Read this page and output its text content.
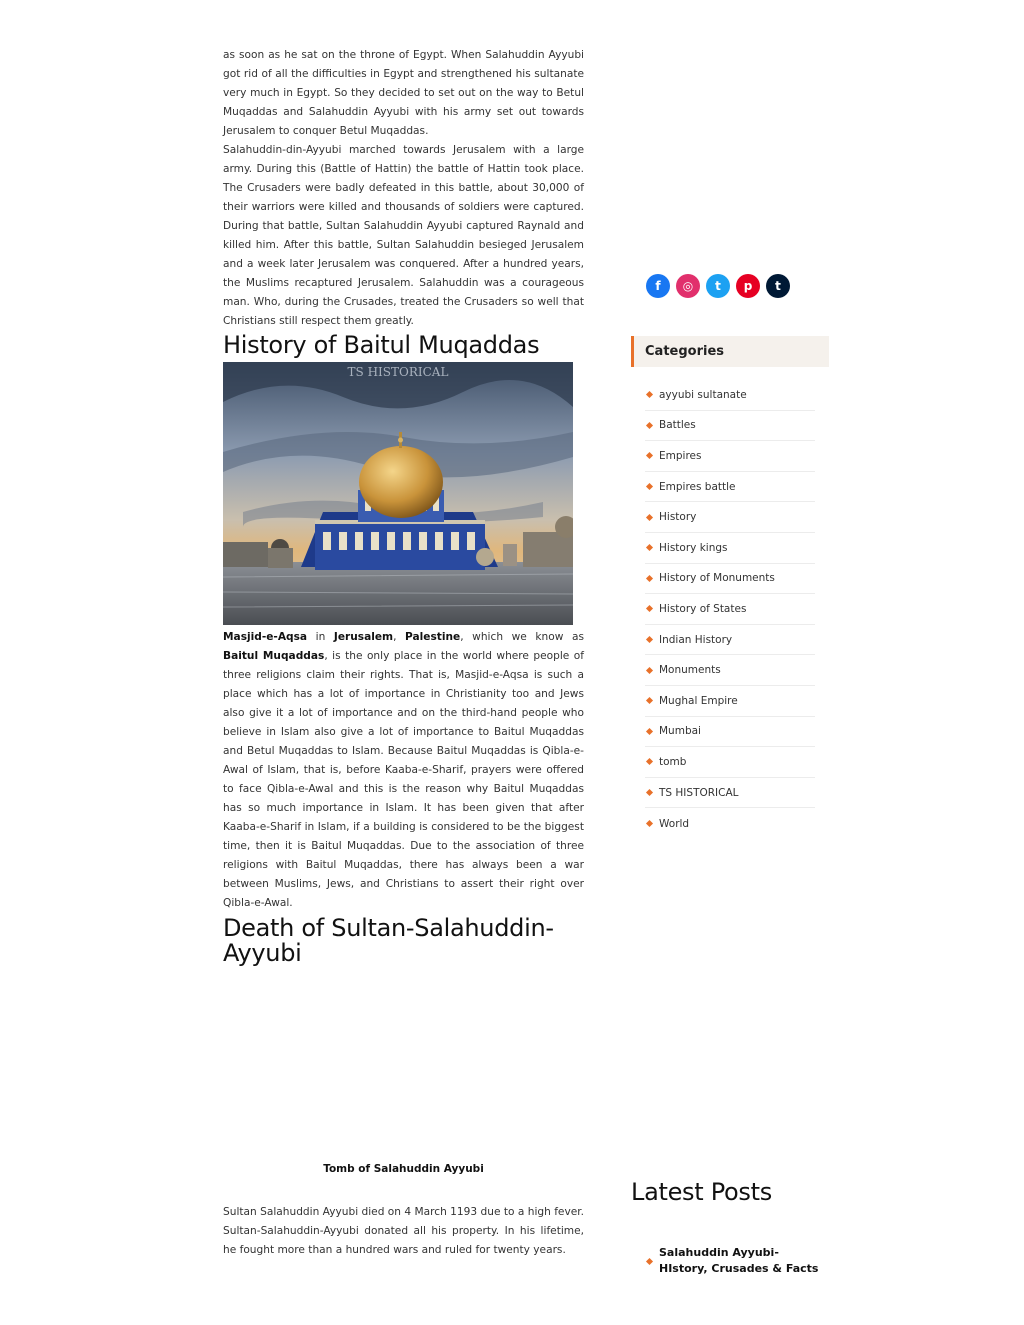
as soon as he sat on the throne of Egypt. When Salahuddin Ayyubi got rid of all the difficulties in Egypt and strengthened his sultanate very much in Egypt. So they decided to set out on the way to Betul Muqaddas and Salahuddin Ayyubi with his army set out towards Jerusalem to conquer Betul Muqaddas.

Salahuddin-din-Ayyubi marched towards Jerusalem with a large army. During this (Battle of Hattin) the battle of Hattin took place. The Crusaders were badly defeated in this battle, about 30,000 of their warriors were killed and thousands of soldiers were captured. During that battle, Sultan Salahuddin Ayyubi captured Raynald and killed him. After this battle, Sultan Salahuddin besieged Jerusalem and a week later Jerusalem was conquered. After a hundred years, the Muslims recaptured Jerusalem. Salahuddin was a courageous man. Who, during the Crusades, treated the Crusaders so well that Christians still respect them greatly.

History of Baitul Muqaddas
TS HISTORICAL

Masjid-e-Aqsa in Jerusalem, Palestine, which we know as Baitul Muqaddas, is the only place in the world where people of three religions claim their rights. That is, Masjid-e-Aqsa is such a place which has a lot of importance in Christianity too and Jews also give it a lot of importance and on the third-hand people who believe in Islam also give a lot of importance to Baitul Muqaddas and Betul Muqaddas to Islam. Because Baitul Muqaddas is Qibla-e-Awal of Islam, that is, before Kaaba-e-Sharif, prayers were offered to face Qibla-e-Awal and this is the reason why Baitul Muqaddas has so much importance in Islam. It has been given that after Kaaba-e-Sharif in Islam, if a building is considered to be the biggest time, then it is Baitul Muqaddas. Due to the association of three religions with Baitul Muqaddas, there has always been a war between Muslims, Jews, and Christians to assert their right over Qibla-e-Awal.

Death of Sultan-Salahuddin-Ayyubi
Tomb of Salahuddin Ayyubi

Sultan Salahuddin Ayyubi died on 4 March 1193 due to a high fever. Sultan-Salahuddin-Ayyubi donated all his property. In his lifetime, he fought more than a hundred wars and ruled for twenty years.

f	◎	t	p	t
Categories
ayyubi sultanate
Battles
Empires
Empires battle
History
History kings
History of Monuments
History of States
Indian History
Monuments
Mughal Empire
Mumbai
tomb
TS HISTORICAL
World
Latest Posts
Salahuddin Ayyubi-HIstory, Crusades & Facts
